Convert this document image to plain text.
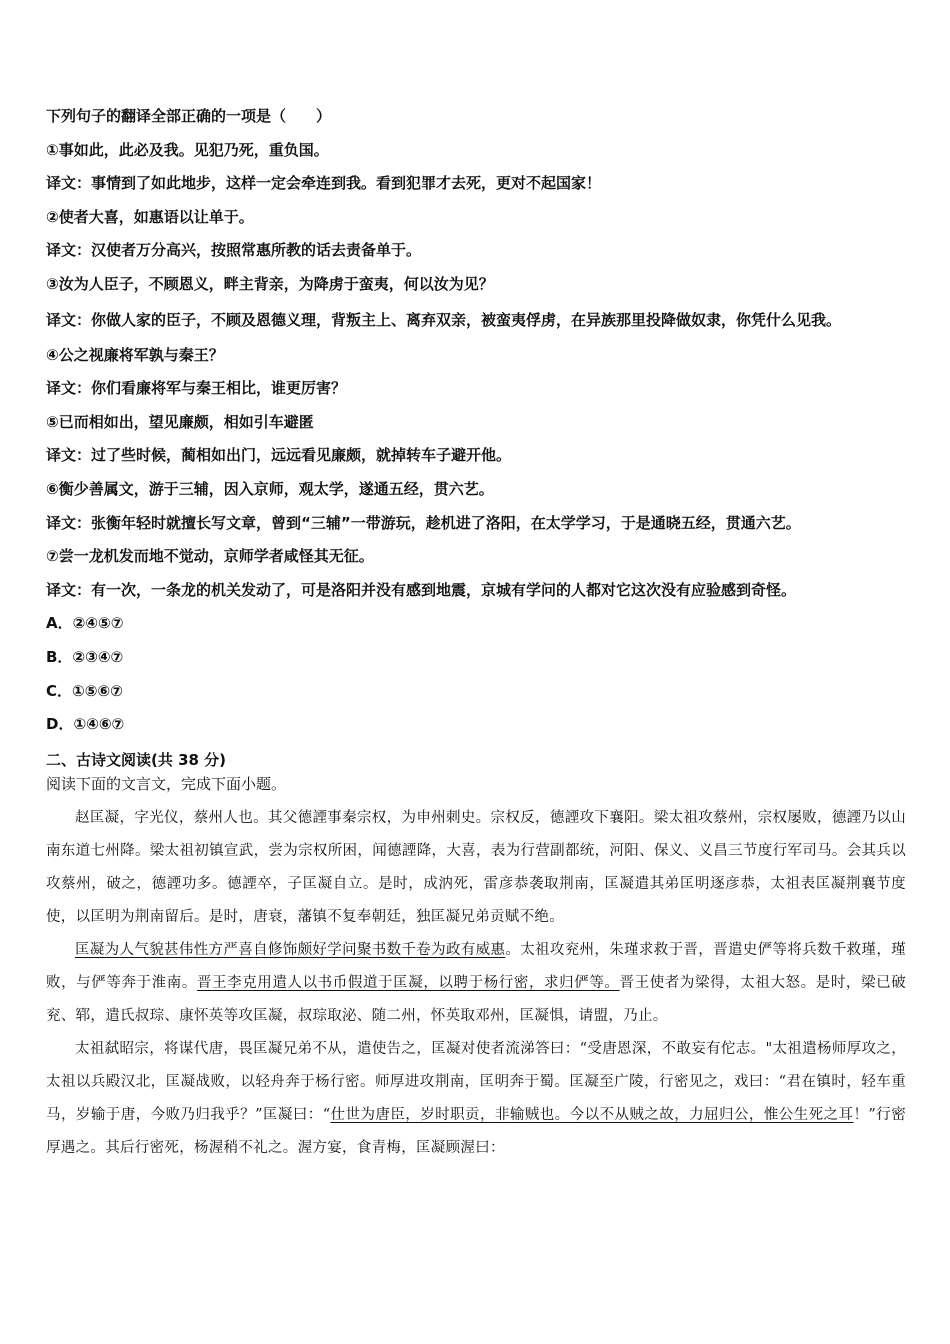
下列句子的翻译全部正确的一项是（　　）
①事如此，此必及我。见犯乃死，重负国。
译文：事情到了如此地步，这样一定会牵连到我。看到犯罪才去死，更对不起国家！
②使者大喜，如惠语以让单于。
译文：汉使者万分高兴，按照常惠所教的话去责备单于。
③汝为人臣子，不顾恩义，畔主背亲，为降虏于蛮夷，何以汝为见？
译文：你做人家的臣子，不顾及恩德义理，背叛主上、离弃双亲，被蛮夷俘虏，在异族那里投降做奴隶，你凭什么见我。
④公之视廉将军孰与秦王？
译文：你们看廉将军与秦王相比，谁更厉害？
⑤已而相如出，望见廉颇，相如引车避匿
译文：过了些时候，蔺相如出门，远远看见廉颇，就掉转车子避开他。
⑥衡少善属文，游于三辅，因入京师，观太学，遂通五经，贯六艺。
译文：张衡年轻时就擅长写文章，曾到“三辅”一带游玩，趁机进了洛阳，在太学学习，于是通晓五经，贯通六艺。
⑦尝一龙机发而地不觉动，京师学者咸怪其无征。
译文：有一次，一条龙的机关发动了，可是洛阳并没有感到地震，京城有学问的人都对它这次没有应验感到奇怪。
A．②④⑤⑦
B．②③④⑦
C．①⑤⑥⑦
D．①④⑥⑦
二、古诗文阅读(共 38 分)
阅读下面的文言文，完成下面小题。

赵匡凝，字光仪，蔡州人也。其父德諲事秦宗权，为申州刺史。宗权反，德諲攻下襄阳。梁太祖攻蔡州，宗权屡败，德諲乃以山南东道七州降。梁太祖初镇宣武，尝为宗权所困，闻德諲降，大喜，表为行营副都统，河阳、保义、义昌三节度行军司马。会其兵以攻蔡州，破之，德諲功多。德諲卒，子匡凝自立。是时，成汭死，雷彦恭袭取荆南，匡凝遣其弟匡明逐彦恭，太祖表匡凝荆襄节度使，以匡明为荆南留后。是时，唐衰，藩镇不复奉朝廷，独匡凝兄弟贡赋不绝。

匡凝为人气貌甚伟性方严喜自修饰颇好学问聚书数千卷为政有威惠。太祖攻兖州，朱瑾求救于晋，晋遣史俨等将兵数千救瑾，瑾败，与俨等奔于淮南。晋王李克用遣人以书币假道于匡凝，以聘于杨行密，求归俨等。晋王使者为梁得，太祖大怒。是时，梁已破兖、郓，遣氏叔琮、康怀英等攻匡凝，叔琮取泌、随二州，怀英取邓州，匡凝惧，请盟，乃止。

太祖弑昭宗，将谋代唐，畏匡凝兄弟不从，遣使告之，匡凝对使者流涕答曰：“受唐恩深，不敢妄有佗志。"太祖遣杨师厚攻之，太祖以兵殿汉北，匡凝战败，以轻舟奔于杨行密。师厚进攻荆南，匡明奔于蜀。匡凝至广陵，行密见之，戏曰：“君在镇时，轻车重马，岁输于唐，今败乃归我乎？”匡凝曰：“仕世为唐臣，岁时职贡，非输贼也。今以不从贼之故，力屈归公，惟公生死之耳！”行密厚遇之。其后行密死，杨渥稍不礼之。渥方宴，食青梅，匡凝顾渥曰：
